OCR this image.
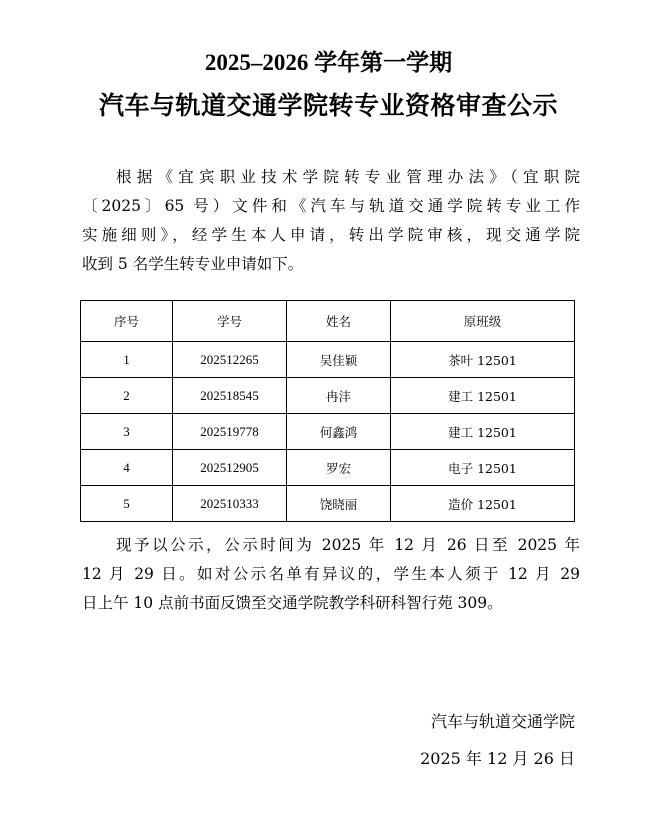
2025–2026 学年第一学期
汽车与轨道交通学院转专业资格审查公示
根据《宜宾职业技术学院转专业管理办法》（宜职院
〔2025〕65 号）文件和《汽车与轨道交通学院转专业工作
实施细则》，经学生本人申请，转出学院审核，现交通学院
收到 5 名学生转专业申请如下。
序号	学号	姓名	原班级
1	202512265	吴佳颖	茶叶 12501
2	202518545	冉沣	建工 12501
3	202519778	何鑫鸿	建工 12501
4	202512905	罗宏	电子 12501
5	202510333	饶晓丽	造价 12501
现予以公示，公示时间为 2025 年 12 月 26 日至 2025 年
12 月 29 日。如对公示名单有异议的，学生本人须于 12 月 29
日上午 10 点前书面反馈至交通学院教学科研科智行苑 309。
汽车与轨道交通学院
2025 年 12 月 26 日
